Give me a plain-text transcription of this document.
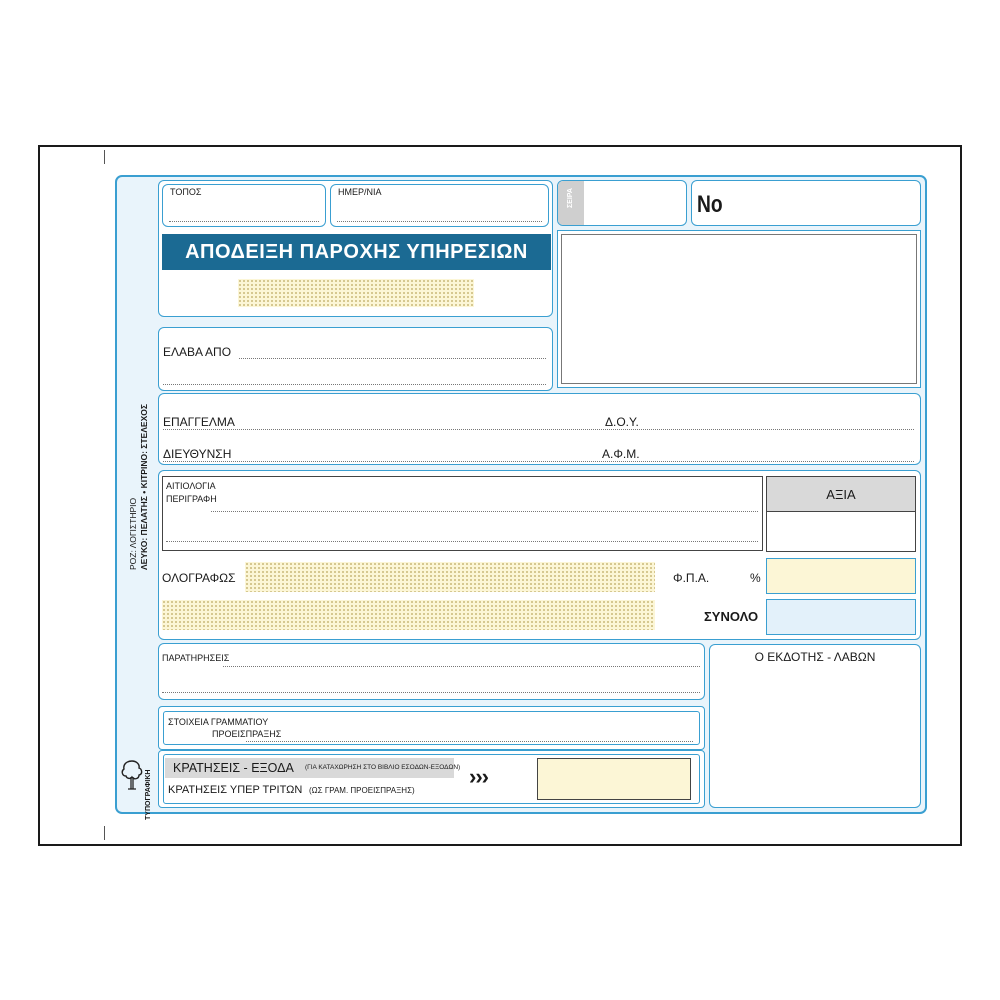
ΡΟΖ: ΛΟΓΙΣΤΗΡΙΟ ΛΕΥΚΟ: ΠΕΛΑΤΗΣ • ΚΙΤΡΙΝΟ: ΣΤΕΛΕΧΟΣ
ΤΥΠΟΓΡΑΦΙΚΗ
ΤΟΠΟΣ	ΗΜΕΡ/ΝΙΑ
ΑΠΟΔΕΙΞΗ ΠΑΡΟΧΗΣ ΥΠΗΡΕΣΙΩΝ
ΣΕΙΡΑ	No
ΕΛΑΒΑ ΑΠΟ
ΕΠΑΓΓΕΛΜΑ	Δ.Ο.Υ.
ΔΙΕΥΘΥΝΣΗ	Α.Φ.Μ.
ΑΙΤΙΟΛΟΓΙΑ
ΠΕΡΙΓΡΑΦΗ	ΑΞΙΑ
ΟΛΟΓΡΑΦΩΣ	Φ.Π.Α.	%
ΣΥΝΟΛΟ
ΠΑΡΑΤΗΡΗΣΕΙΣ	Ο ΕΚΔΟΤΗΣ - ΛΑΒΩΝ
ΣΤΟΙΧΕΙΑ ΓΡΑΜΜΑΤΙΟΥ
ΠΡΟΕΙΣΠΡΑΞΗΣ
ΚΡΑΤΗΣΕΙΣ - ΕΞΟΔΑ (ΓΙΑ ΚΑΤΑΧΩΡΗΣΗ ΣΤΟ ΒΙΒΛΙΟ ΕΣΟΔΩΝ-ΕΞΟΔΩΝ)
ΚΡΑΤΗΣΕΙΣ ΥΠΕΡ ΤΡΙΤΩΝ (ΩΣ ΓΡΑΜ. ΠΡΟΕΙΣΠΡΑΞΗΣ)
›››
